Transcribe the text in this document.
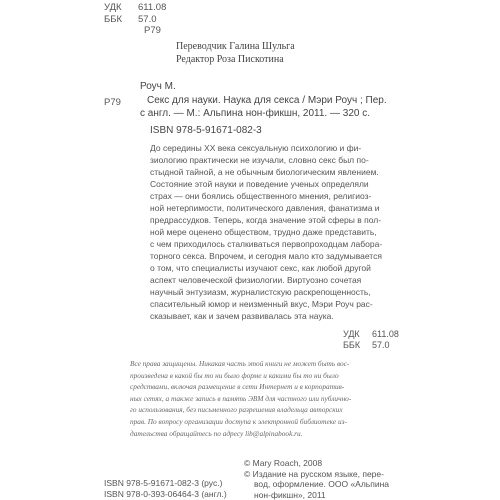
УДК 611.08
ББК 57.0
P79
Переводчик Галина Шульга
Редактор Роза Пискотина
P79
Роуч М.
Секс для науки. Наука для секса / Мэри Роуч ; Пер.
с англ. — М.: Альпина нон-фикшн, 2011. — 320 с.
ISBN 978-5-91671-082-3
До середины XX века сексуальную психологию и фи-
зиологию практически не изучали, словно секс был по-
стыдной тайной, а не обычным биологическим явлением.
Состояние этой науки и поведение ученых определяли
страх — они боялись общественного мнения, религиоз-
ной нетерпимости, политического давления, фанатизма и
предрассудков. Теперь, когда значение этой сферы в пол-
ной мере оценено обществом, трудно даже представить,
с чем приходилось сталкиваться первопроходцам лабора-
торного секса. Впрочем, и сегодня мало кто задумывается
о том, что специалисты изучают секс, как любой другой
аспект человеческой физиологии. Виртуозно сочетая
научный энтузиазм, журналистскую раскрепощенность,
спасительный юмор и неизменный вкус, Мэри Роуч рас-
сказывает, как и зачем развивалась эта наука.
УДК 611.08
ББК 57.0
Все права защищены. Никакая часть этой книги не может быть вос-
произведена в какой бы то ни было форме и какими бы то ни было
средствами, включая размещение в сети Интернет и в корпоратив-
ных сетях, а также запись в память ЭВМ для частного или публично-
го использования, без письменного разрешения владельца авторских
прав. По вопросу организации доступа к электронной библиотеке из-
дательства обращайтесь по адресу lib@alpinabook.ru.
© Mary Roach, 2008
© Издание на русском языке, пере-
вод, оформление. ООО «Альпина
нон-фикшн», 2011
ISBN 978-5-91671-082-3 (рус.)
ISBN 978-0-393-06464-3 (англ.)
